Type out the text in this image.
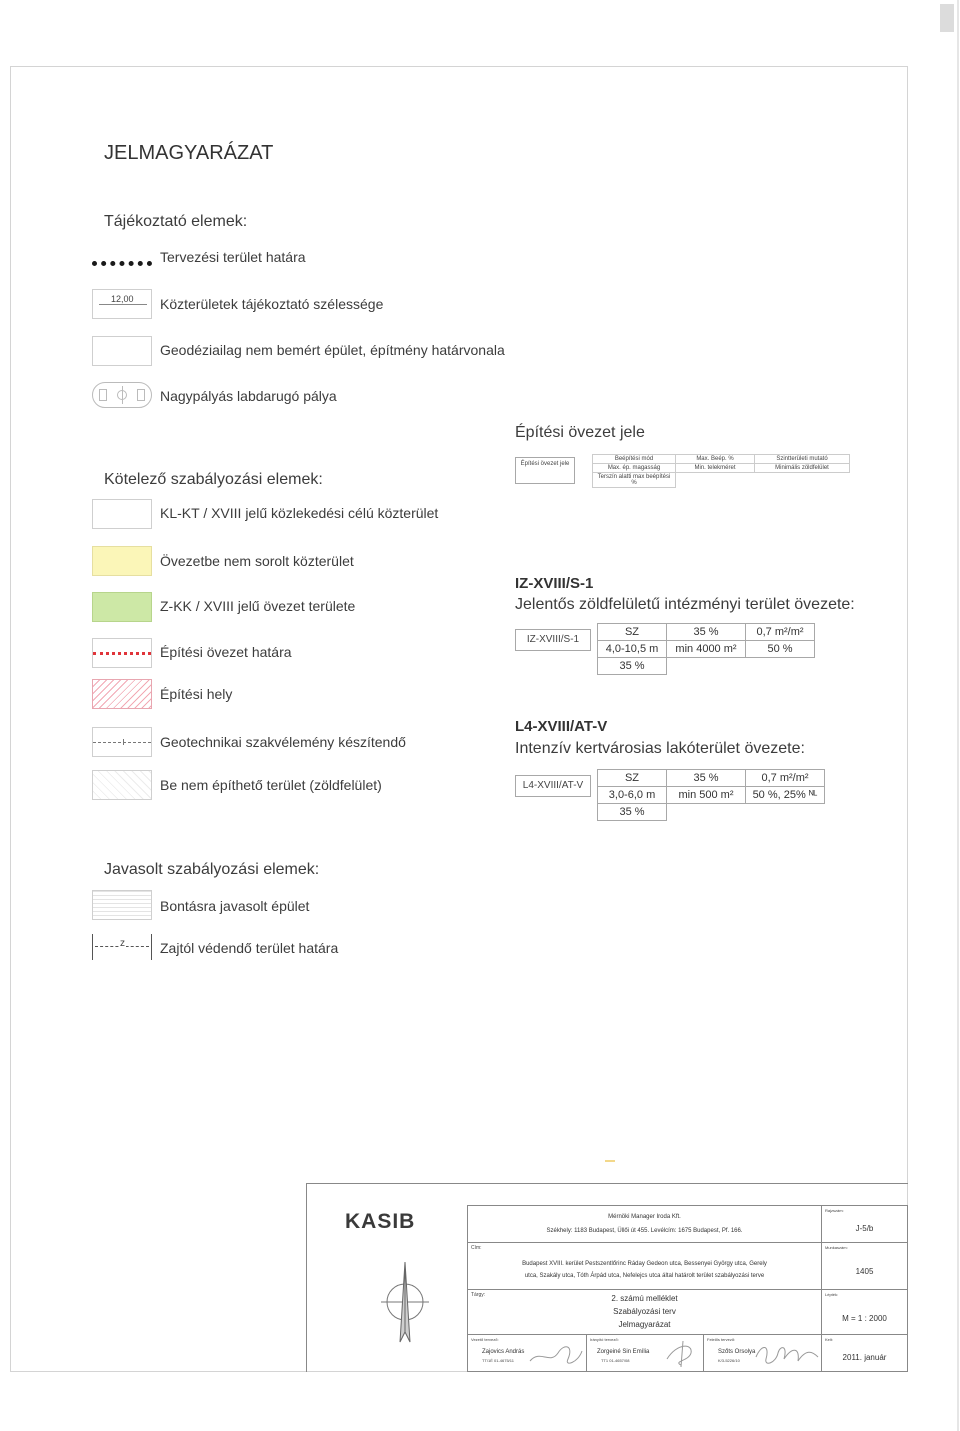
JELMAGYARÁZAT
Tájékoztató elemek:
Tervezési terület határa
12,00 Közterületek tájékoztató szélessége
Geodéziailag nem bemért épület, építmény határvonala
Nagypályás labdarugó pálya
Kötelező szabályozási elemek:
KL-KT / XVIII jelű közlekedési célú közterület
Övezetbe nem sorolt közterület
Z-KK / XVIII jelű övezet területe
Építési övezet határa
Építési hely
Geotechnikai szakvélemény készítendő
Be nem építhető terület (zöldfelület)
Javasolt szabályozási elemek:
Bontásra javasolt épület
z	Zajtól védendő terület határa
Építési övezet jele
Építési övezet jele
Beépítési mód	Max. Beép. %	Szintterületi mutató
Max. ép. magasság	Min. telekméret	Minimális zöldfelület
Terszín alatti max beépítési %		
IZ-XVIII/S-1
Jelentős zöldfelületű intézményi terület övezete:
IZ-XVIII/S-1
SZ	35 %	0,7 m²/m²
4,0-10,5 m	min 4000 m²	50 %
35 %		
L4-XVIII/AT-V
Intenzív kertvárosias lakóterület övezete:
L4-XVIII/AT-V
SZ	35 %	0,7 m²/m²
3,0-6,0 m	min 500 m²	50 %, 25% ᴺᴸ
35 %		
KASIB	Mérnöki Manager Iroda Kft.
Székhely: 1183 Budapest, Üllői út 455. Levélcím: 1675 Budapest, Pf. 166.
Cím:
Budapest XVIII. kerület Pestszentlőrinc Ráday Gedeon utca, Bessenyei György utca, Gerely
utca, Szakály utca, Tóth Árpád utca, Nefelejcs utca által határolt terület szabályozási terve
Tárgy:	2. számú melléklet
Szabályozási terv
Jelmagyarázat
Vezető tervező:
Zajovics András
TT/1É 01-4675/11
Irányító tervező:
Zorgeiné Sin Emília
TT1 01-4657/08
Felelős tervező:
Szőts Orsolya
K/3-5226/10
Rajzszám:
J-5/b
Munkaszám:
1405
Lépték:
M = 1 : 2000
Kelt:
2011. január
